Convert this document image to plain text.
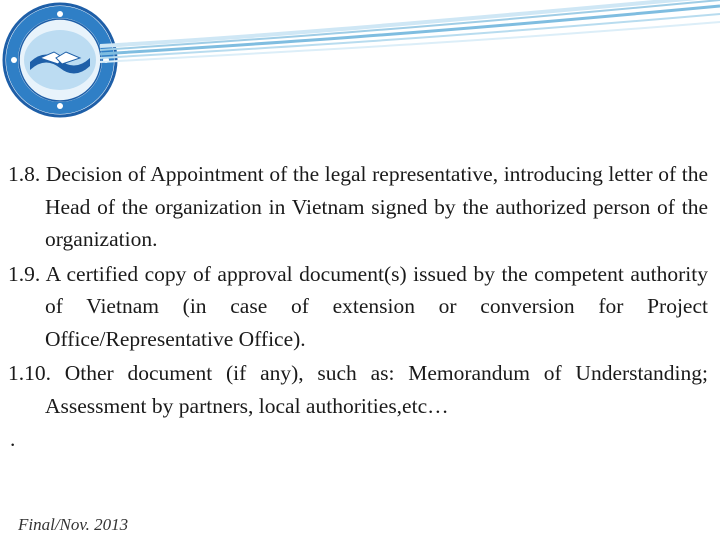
1.8. Decision of Appointment of the legal representative, introducing letter of the Head of the organization in Vietnam signed by the authorized person of the organization.

1.9. A certified copy of approval document(s) issued by the competent authority of Vietnam (in case of extension or conversion for Project Office/Representative Office).

1.10. Other document (if any), such as: Memorandum of Understanding; Assessment by partners, local authorities,etc…

.

Final/Nov. 2013
